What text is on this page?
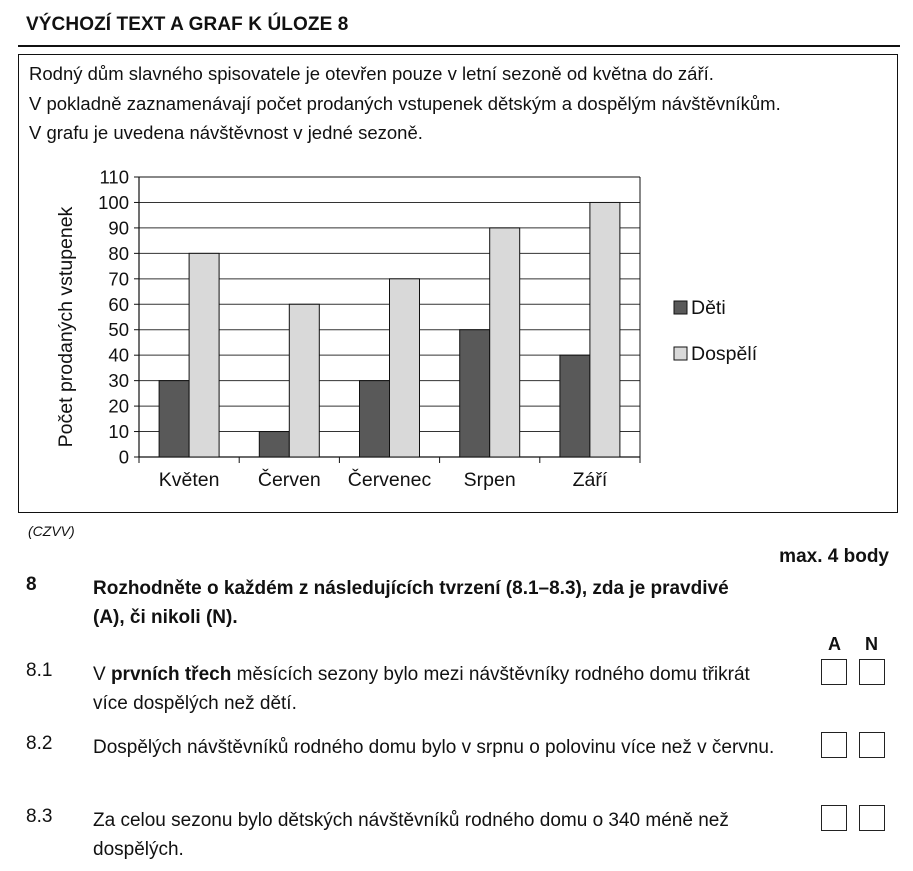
VÝCHOZÍ TEXT A GRAF K ÚLOZE 8
Rodný dům slavného spisovatele je otevřen pouze v letní sezoně od května do září.
V pokladně zaznamenávají počet prodaných vstupenek dětským a dospělým návštěvníkům.
V grafu je uvedena návštěvnost v jedné sezoně.
0
10
20
30
40
50
60
70
80
90
100
110
Květen Červen Červenec Srpen	Září
Počet prodaných vstupenek	Děti
Dospělí
(CZVV)
max. 4 body
8	Rozhodněte o každém z následujících tvrzení (8.1–8.3), zda je pravdivé (A), či nikoli (N).
A N
8.1 V prvních třech měsících sezony bylo mezi návštěvníky rodného domu třikrát více dospělých než dětí.
8.2 Dospělých návštěvníků rodného domu bylo v srpnu o polovinu více než v červnu.
8.3 Za celou sezonu bylo dětských návštěvníků rodného domu o 340 méně než dospělých.
